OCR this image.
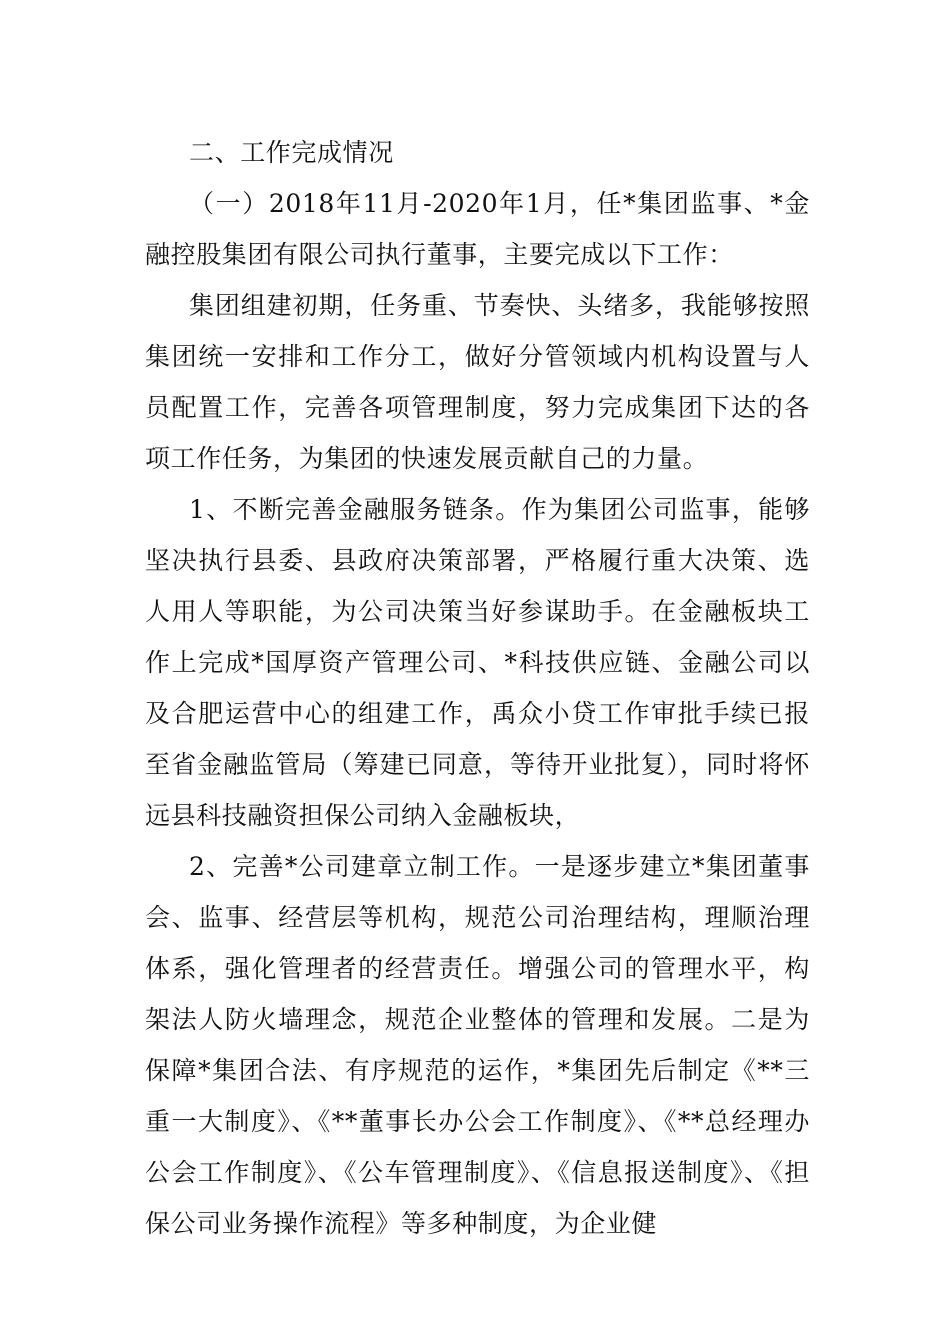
二、工作完成情况

（一）2018年11月-2020年1月，任*集团监事、*金融控股集团有限公司执行董事，主要完成以下工作：

集团组建初期，任务重、节奏快、头绪多，我能够按照集团统一安排和工作分工，做好分管领域内机构设置与人员配置工作，完善各项管理制度，努力完成集团下达的各项工作任务，为集团的快速发展贡献自己的力量。

1、不断完善金融服务链条。作为集团公司监事，能够坚决执行县委、县政府决策部署，严格履行重大决策、选人用人等职能，为公司决策当好参谋助手。在金融板块工作上完成*国厚资产管理公司、*科技供应链、金融公司以及合肥运营中心的组建工作，禹众小贷工作审批手续已报至省金融监管局（筹建已同意，等待开业批复），同时将怀远县科技融资担保公司纳入金融板块，

2、完善*公司建章立制工作。一是逐步建立*集团董事会、监事、经营层等机构，规范公司治理结构，理顺治理体系，强化管理者的经营责任。增强公司的管理水平，构架法人防火墙理念，规范企业整体的管理和发展。二是为保障*集团合法、有序规范的运作，*集团先后制定《**三重一大制度》、《**董事长办公会工作制度》、《**总经理办公会工作制度》、《公车管理制度》、《信息报送制度》、《担保公司业务操作流程》等多种制度，为企业健
